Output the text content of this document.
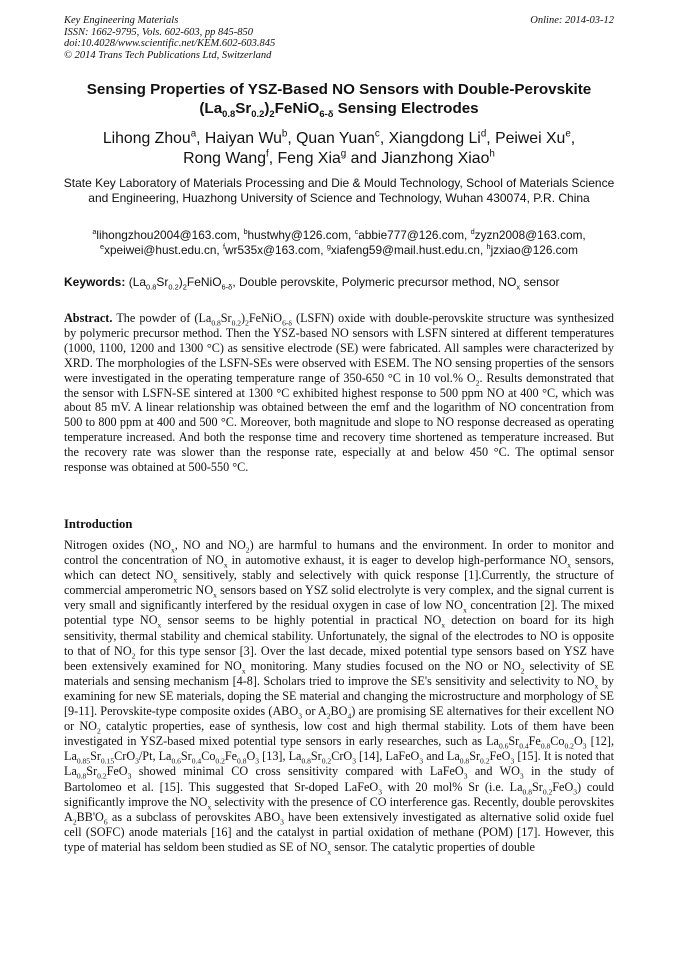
Key Engineering Materials
ISSN: 1662-9795, Vols. 602-603, pp 845-850
doi:10.4028/www.scientific.net/KEM.602-603.845
© 2014 Trans Tech Publications Ltd, Switzerland
Online: 2014-03-12
Sensing Properties of YSZ-Based NO Sensors with Double-Perovskite
$(La_{0.8}Sr_{0.2})_2FeNiO_{6-\delta}$ Sensing Electrodes
Lihong Zhou$^a$, Haiyan Wu$^b$, Quan Yuan$^c$, Xiangdong Li$^d$, Peiwei Xu$^e$,
Rong Wang$^f$, Feng Xia$^g$ and Jianzhong Xiao$^h$
State Key Laboratory of Materials Processing and Die & Mould Technology, School of Materials Science and Engineering, Huazhong University of Science and Technology, Wuhan 430074, P.R. China
$^a$lihongzhou2004@163.com, $^b$hustwhy@126.com, $^c$abbie777@126.com, $^d$zyzn2008@163.com,
$^e$xpeiwei@hust.edu.cn, $^f$wr535x@163.com, $^g$xiafeng59@mail.hust.edu.cn, $^h$jzxiao@126.com
Keywords: $(La_{0.8}Sr_{0.2})_2FeNiO_{6-\delta}$, Double perovskite, Polymeric precursor method, $NO_x$ sensor
Abstract. The powder of $(La_{0.8}Sr_{0.2})_2FeNiO_{6-\delta}$ (LSFN) oxide with double-perovskite structure was synthesized by polymeric precursor method. Then the YSZ-based NO sensors with LSFN sintered at different temperatures (1000, 1100, 1200 and 1300 °C) as sensitive electrode (SE) were fabricated. All samples were characterized by XRD. The morphologies of the LSFN-SEs were observed with ESEM. The NO sensing properties of the sensors were investigated in the operating temperature range of 350-650 °C in 10 vol.% $O_2$. Results demonstrated that the sensor with LSFN-SE sintered at 1300 °C exhibited highest response to 500 ppm NO at 400 °C, which was about 85 mV. A linear relationship was obtained between the emf and the logarithm of NO concentration from 500 to 800 ppm at 400 and 500 °C. Moreover, both magnitude and slope to NO response decreased as operating temperature increased. And both the response time and recovery time shortened as temperature increased. But the recovery rate was slower than the response rate, especially at and below 450 °C. The optimal sensor response was obtained at 500-550 °C.
Introduction
Nitrogen oxides ($NO_x$, NO and $NO_2$) are harmful to humans and the environment. In order to monitor and control the concentration of $NO_x$ in automotive exhaust, it is eager to develop high-performance $NO_x$ sensors, which can detect $NO_x$ sensitively, stably and selectively with quick response [1].Currently, the structure of commercial amperometric $NO_x$ sensors based on YSZ solid electrolyte is very complex, and the signal current is very small and significantly interfered by the residual oxygen in case of low $NO_x$ concentration [2]. The mixed potential type $NO_x$ sensor seems to be highly potential in practical $NO_x$ detection on board for its high sensitivity, thermal stability and chemical stability. Unfortunately, the signal of the electrodes to NO is opposite to that of $NO_2$ for this type sensor [3]. Over the last decade, mixed potential type sensors based on YSZ have been extensively examined for $NO_x$ monitoring. Many studies focused on the NO or $NO_2$ selectivity of SE materials and sensing mechanism [4-8]. Scholars tried to improve the SE's sensitivity and selectivity to $NO_x$ by examining for new SE materials, doping the SE material and changing the microstructure and morphology of SE [9-11]. Perovskite-type composite oxides ($ABO_3$ or $A_2BO_4$) are promising SE alternatives for their excellent NO or $NO_2$ catalytic properties, ease of synthesis, low cost and high thermal stability. Lots of them have been investigated in YSZ-based mixed potential type sensors in early researches, such as $La_{0.6}Sr_{0.4}Fe_{0.8}Co_{0.2}O_3$ [12], $La_{0.85}Sr_{0.15}CrO_3/Pt$, $La_{0.6}Sr_{0.4}Co_{0.2}Fe_{0.8}O_3$ [13], $La_{0.8}Sr_{0.2}CrO_3$ [14], LaFeO$_3$ and $La_{0.8}Sr_{0.2}FeO_3$ [15]. It is noted that $La_{0.8}Sr_{0.2}FeO_3$ showed minimal CO cross sensitivity compared with LaFeO$_3$ and $WO_3$ in the study of Bartolomeo et al. [15]. This suggested that Sr-doped LaFeO$_3$ with 20 mol% Sr (i.e. $La_{0.8}Sr_{0.2}FeO_3$) could significantly improve the $NO_x$ selectivity with the presence of CO interference gas. Recently, double perovskites $A_2BB'O_6$ as a subclass of perovskites $ABO_3$ have been extensively investigated as alternative solid oxide fuel cell (SOFC) anode materials [16] and the catalyst in partial oxidation of methane (POM) [17]. However, this type of material has seldom been studied as SE of $NO_x$ sensor. The catalytic properties of double
